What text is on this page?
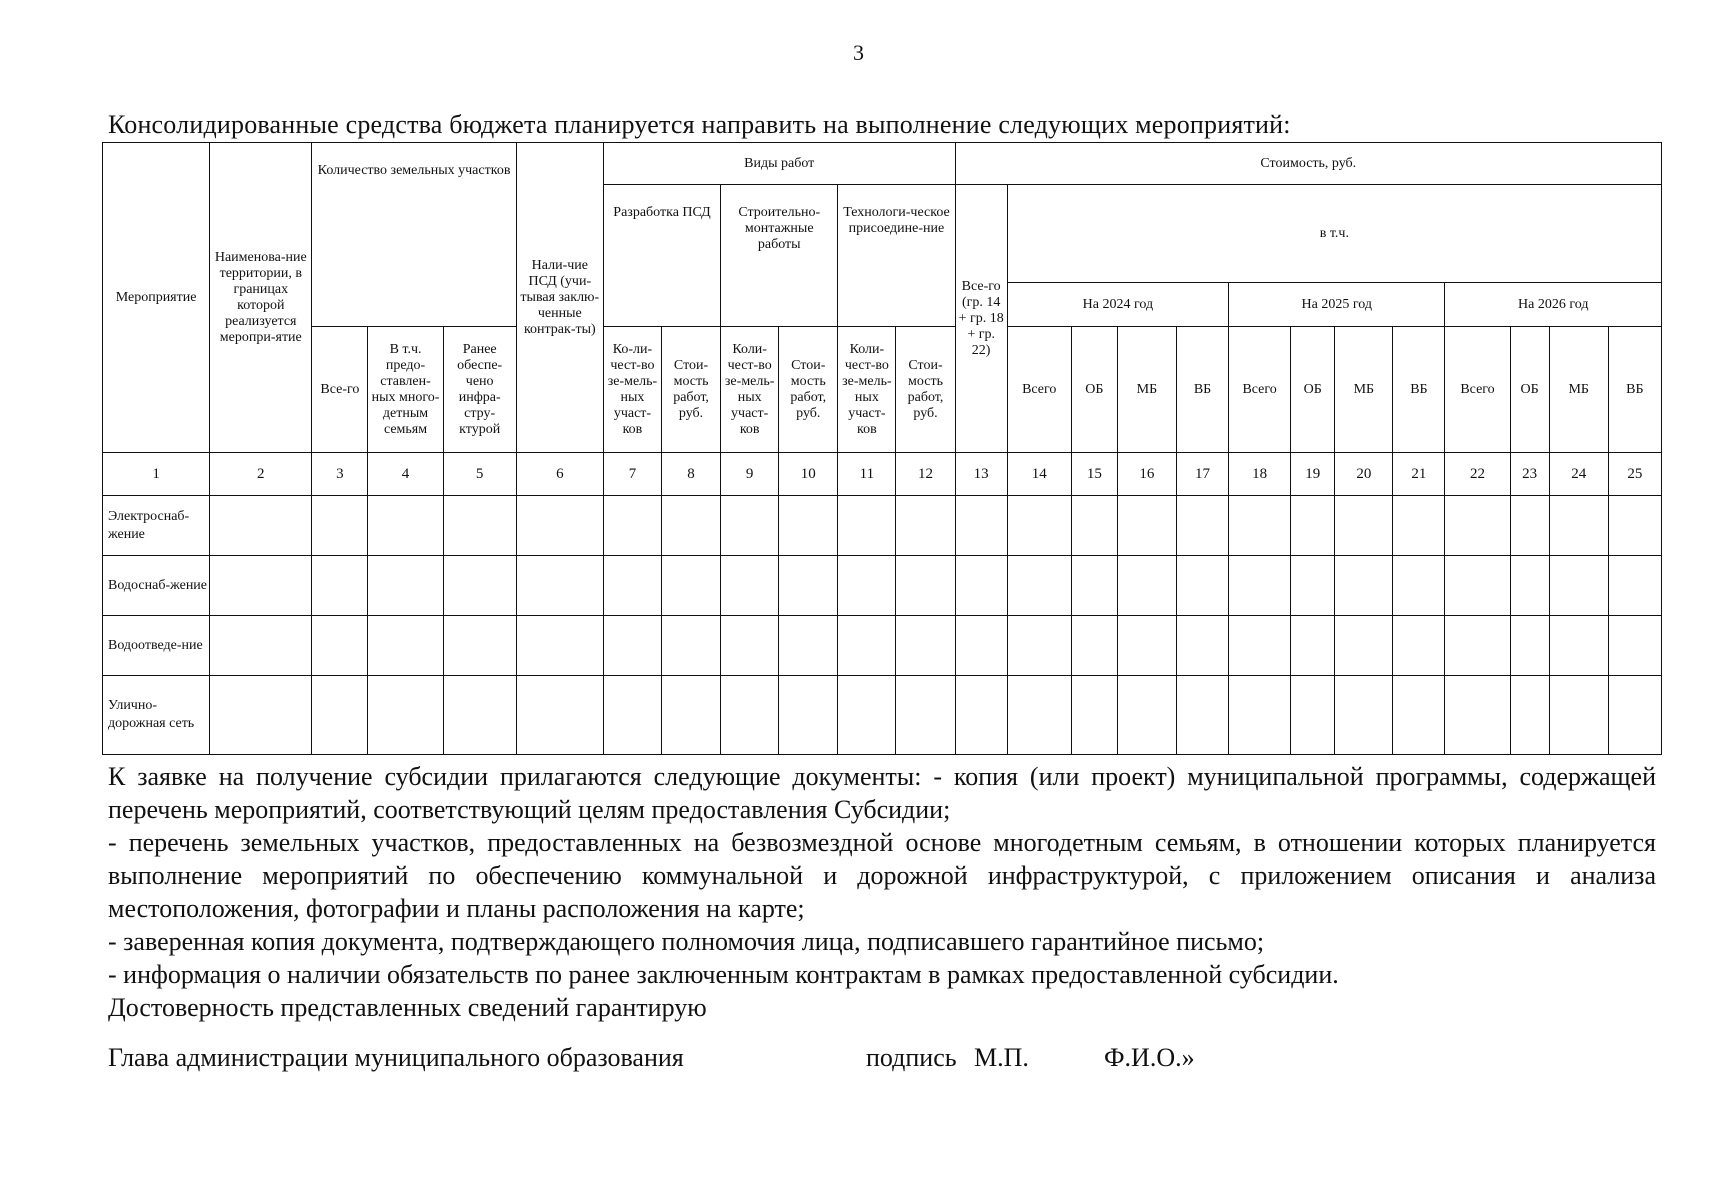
3
Консолидированные средства бюджета планируется направить на выполнение следующих мероприятий:
Мероприятие	Наименова-ние территории, в границах которой реализуется меропри-ятие	Количество земельных участков			Нали-чие ПСД (учи-тывая заклю-ченные контрак-ты)	Виды работ						Стоимость, руб.												
						Разработка ПСД		Строительно-монтажные работы		Технологи-ческое присоедине-ние		Все-го (гр. 14 + гр. 18 + гр. 22)	в т.ч.											
													На 2024 год				На 2025 год				На 2026 год			
		Все-го	В т.ч. предо-ставлен-ных много-детным семьям	Ранее обеспе-чено инфра-стру-ктурой		Ко-ли-чест-во зе-мель-ных участ-ков	Стои-мость работ, руб.	Коли-чест-во зе-мель-ных участ-ков	Стои-мость работ, руб.	Коли-чест-во зе-мель-ных участ-ков	Стои-мость работ, руб.		Всего	ОБ	МБ	ВБ	Всего	ОБ	МБ	ВБ	Всего	ОБ	МБ	ВБ
1	2	3	4	5	6	7	8	9	10	11	12	13	14	15	16	17	18	19	20	21	22	23	24	25
Электроснаб-жение																								
Водоснаб-жение																								
Водоотведе-ние																								
Улично-дорожная сеть																								

К заявке на получение субсидии прилагаются следующие документы: - копия (или проект) муниципальной программы, содержащей перечень мероприятий, соответствующий целям предоставления Субсидии;

- перечень земельных участков, предоставленных на безвозмездной основе многодетным семьям, в отношении которых планируется выполнение мероприятий по обеспечению коммунальной и дорожной инфраструктурой, с приложением описания и анализа местоположения, фотографии и планы расположения на карте;

- заверенная копия документа, подтверждающего полномочия лица, подписавшего гарантийное письмо;

- информация о наличии обязательств по ранее заключенным контрактам в рамках предоставленной субсидии.

Достоверность представленных сведений гарантирую

Глава администрации муниципального образования	подпись М.П.	Ф.И.О.»
